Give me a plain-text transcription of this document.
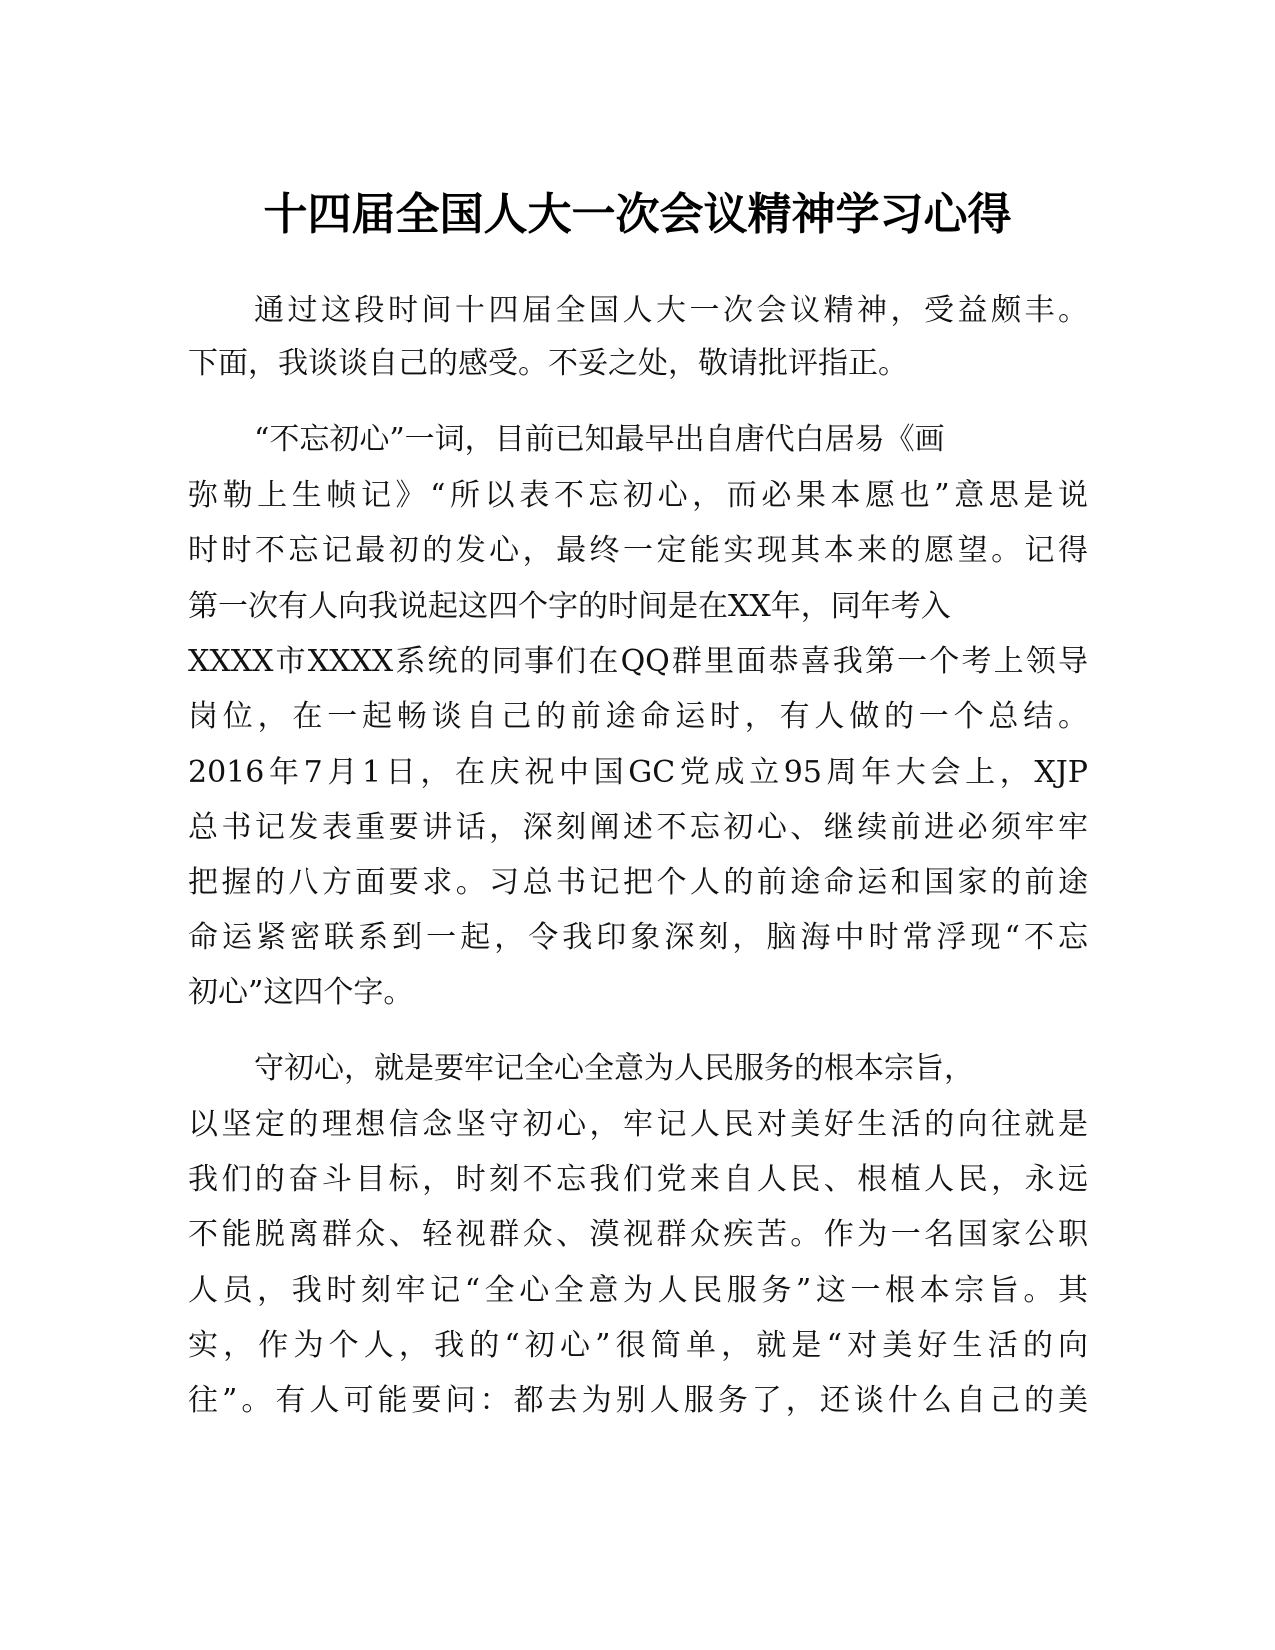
十四届全国人大一次会议精神学习心得
通过这段时间十四届全国人大一次会议精神，受益颇丰。
下面，我谈谈自己的感受。不妥之处，敬请批评指正。
“不忘初心”一词，目前已知最早出自唐代白居易《画
弥勒上生帧记》“所以表不忘初心，而必果本愿也”意思是说
时时不忘记最初的发心，最终一定能实现其本来的愿望。记得
第一次有人向我说起这四个字的时间是在XX年，同年考入
XXXX市XXXX系统的同事们在QQ群里面恭喜我第一个考上领导
岗位，在一起畅谈自己的前途命运时，有人做的一个总结。
2016年7月1日，在庆祝中国GC党成立95周年大会上，XJP
总书记发表重要讲话，深刻阐述不忘初心、继续前进必须牢牢
把握的八方面要求。习总书记把个人的前途命运和国家的前途
命运紧密联系到一起，令我印象深刻，脑海中时常浮现“不忘
初心”这四个字。
守初心，就是要牢记全心全意为人民服务的根本宗旨，
以坚定的理想信念坚守初心，牢记人民对美好生活的向往就是
我们的奋斗目标，时刻不忘我们党来自人民、根植人民，永远
不能脱离群众、轻视群众、漠视群众疾苦。作为一名国家公职
人员，我时刻牢记“全心全意为人民服务”这一根本宗旨。其
实，作为个人，我的“初心”很简单，就是“对美好生活的向
往”。有人可能要问：都去为别人服务了，还谈什么自己的美
